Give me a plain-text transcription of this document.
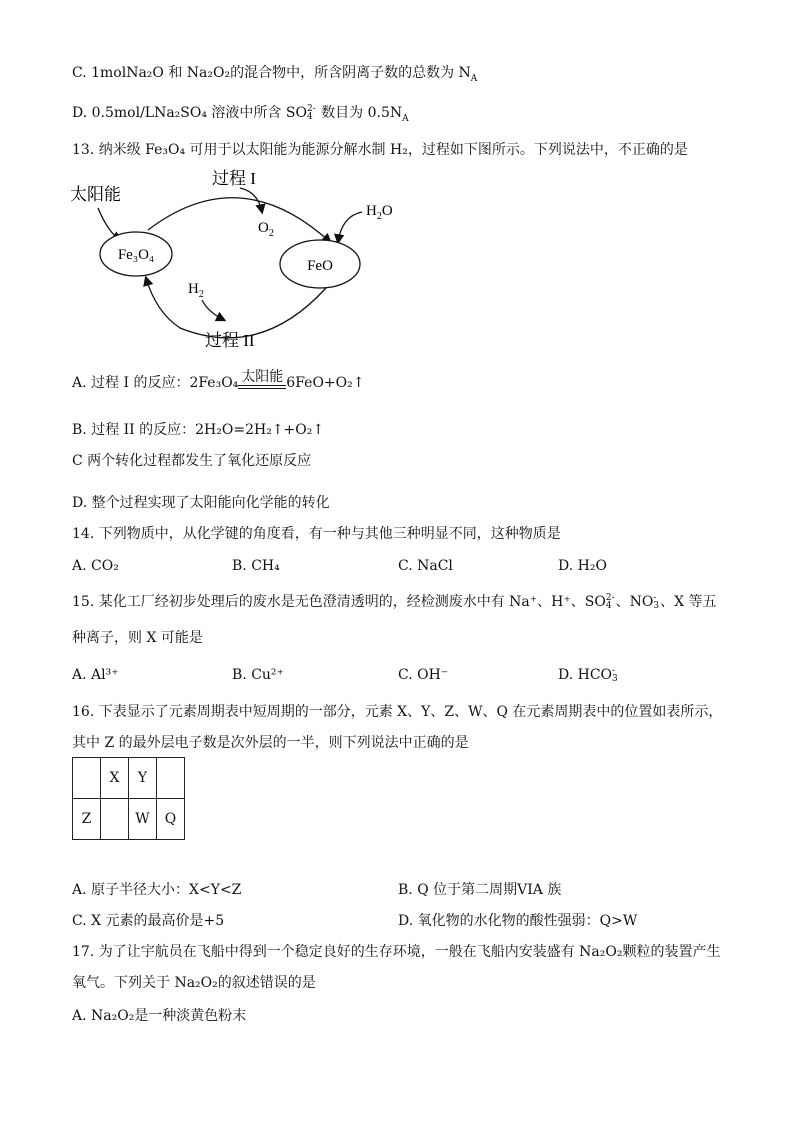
C. 1molNa₂O 和 Na₂O₂的混合物中，所含阴离子数的总数为 $N_A$
D. 0.5mol/LNa₂SO₄ 溶液中所含 SO 2-
4 数目为 $0.5N_A$
13. 纳米级 Fe₃O₄ 可用于以太阳能为能源分解水制 H₂，过程如下图所示。下列说法中，不正确的是
太阳能
过程 I
$O_2$
$H_2O$
Fe₃O₄
FeO
$H_2$
过程 II
A. 过程 I 的反应：2Fe₃O₄ 太阳能 6FeO+O₂↑
B. 过程 II 的反应：2H₂O=2H₂↑+O₂↑
C 两个转化过程都发生了氧化还原反应
D. 整个过程实现了太阳能向化学能的转化
14. 下列物质中，从化学键的角度看，有一种与其他三种明显不同，这种物质是
A. CO₂	B. CH₄	C. NaCl	D. H₂O
15. 某化工厂经初步处理后的废水是无色澄清透明的，经检测废水中有 Na⁺、H⁺、SO 2-
4 、NO -
3 、X 等五
种离子，则 X 可能是
A. Al³⁺	B. Cu²⁺	C. OH⁻	D. HCO -
3
16. 下表显示了元素周期表中短周期的一部分，元素 X、Y、Z、W、Q 在元素周期表中的位置如表所示，
其中 Z 的最外层电子数是次外层的一半，则下列说法中正确的是
	X	Y	
Z		W	Q
A. 原子半径大小：X<Y<Z	B. Q 位于第二周期VIA 族
C. X 元素的最高价是+5	D. 氧化物的水化物的酸性强弱：Q>W
17. 为了让宇航员在飞船中得到一个稳定良好的生存环境，一般在飞船内安装盛有 Na₂O₂颗粒的装置产生
氧气。下列关于 Na₂O₂的叙述错误的是
A. Na₂O₂是一种淡黄色粉末
